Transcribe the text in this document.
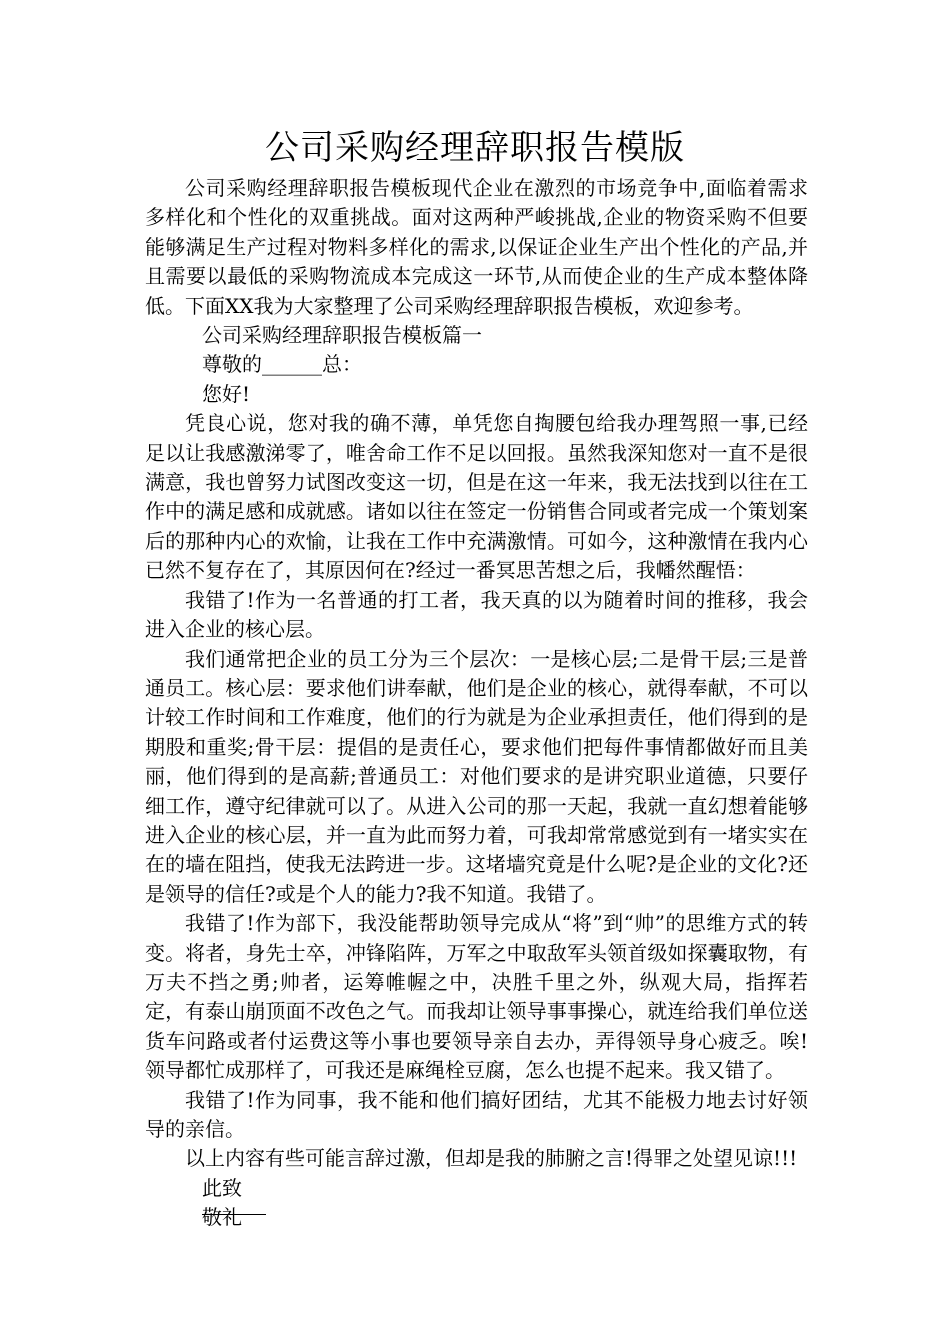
公司采购经理辞职报告模版

公司采购经理辞职报告模板现代企业在激烈的市场竞争中,面临着需求多样化和个性化的双重挑战。面对这两种严峻挑战,企业的物资采购不但要能够满足生产过程对物料多样化的需求,以保证企业生产出个性化的产品,并且需要以最低的采购物流成本完成这一环节,从而使企业的生产成本整体降低。下面XX我为大家整理了公司采购经理辞职报告模板，欢迎参考。

公司采购经理辞职报告模板篇一

尊敬的______总：

您好!

凭良心说，您对我的确不薄，单凭您自掏腰包给我办理驾照一事,已经足以让我感激涕零了，唯舍命工作不足以回报。虽然我深知您对一直不是很满意，我也曾努力试图改变这一切，但是在这一年来，我无法找到以往在工作中的满足感和成就感。诸如以往在签定一份销售合同或者完成一个策划案后的那种内心的欢愉，让我在工作中充满激情。可如今，这种激情在我内心已然不复存在了，其原因何在?经过一番冥思苦想之后，我幡然醒悟：

我错了!作为一名普通的打工者，我天真的以为随着时间的推移，我会进入企业的核心层。

我们通常把企业的员工分为三个层次：一是核心层;二是骨干层;三是普通员工。核心层：要求他们讲奉献，他们是企业的核心，就得奉献，不可以计较工作时间和工作难度，他们的行为就是为企业承担责任，他们得到的是期股和重奖;骨干层：提倡的是责任心，要求他们把每件事情都做好而且美丽，他们得到的是高薪;普通员工：对他们要求的是讲究职业道德，只要仔细工作，遵守纪律就可以了。从进入公司的那一天起，我就一直幻想着能够进入企业的核心层，并一直为此而努力着，可我却常常感觉到有一堵实实在在的墙在阻挡，使我无法跨进一步。这堵墙究竟是什么呢?是企业的文化?还是领导的信任?或是个人的能力?我不知道。我错了。

我错了!作为部下，我没能帮助领导完成从“将”到“帅”的思维方式的转变。将者，身先士卒，冲锋陷阵，万军之中取敌军头领首级如探囊取物，有万夫不挡之勇;帅者，运筹帷幄之中，决胜千里之外，纵观大局，指挥若定，有泰山崩顶面不改色之气。而我却让领导事事操心，就连给我们单位送货车问路或者付运费这等小事也要领导亲自去办，弄得领导身心疲乏。唉!领导都忙成那样了，可我还是麻绳栓豆腐，怎么也提不起来。我又错了。

我错了!作为同事，我不能和他们搞好团结，尤其不能极力地去讨好领导的亲信。

以上内容有些可能言辞过激，但却是我的肺腑之言!得罪之处望见谅!!!

此致

敬礼
